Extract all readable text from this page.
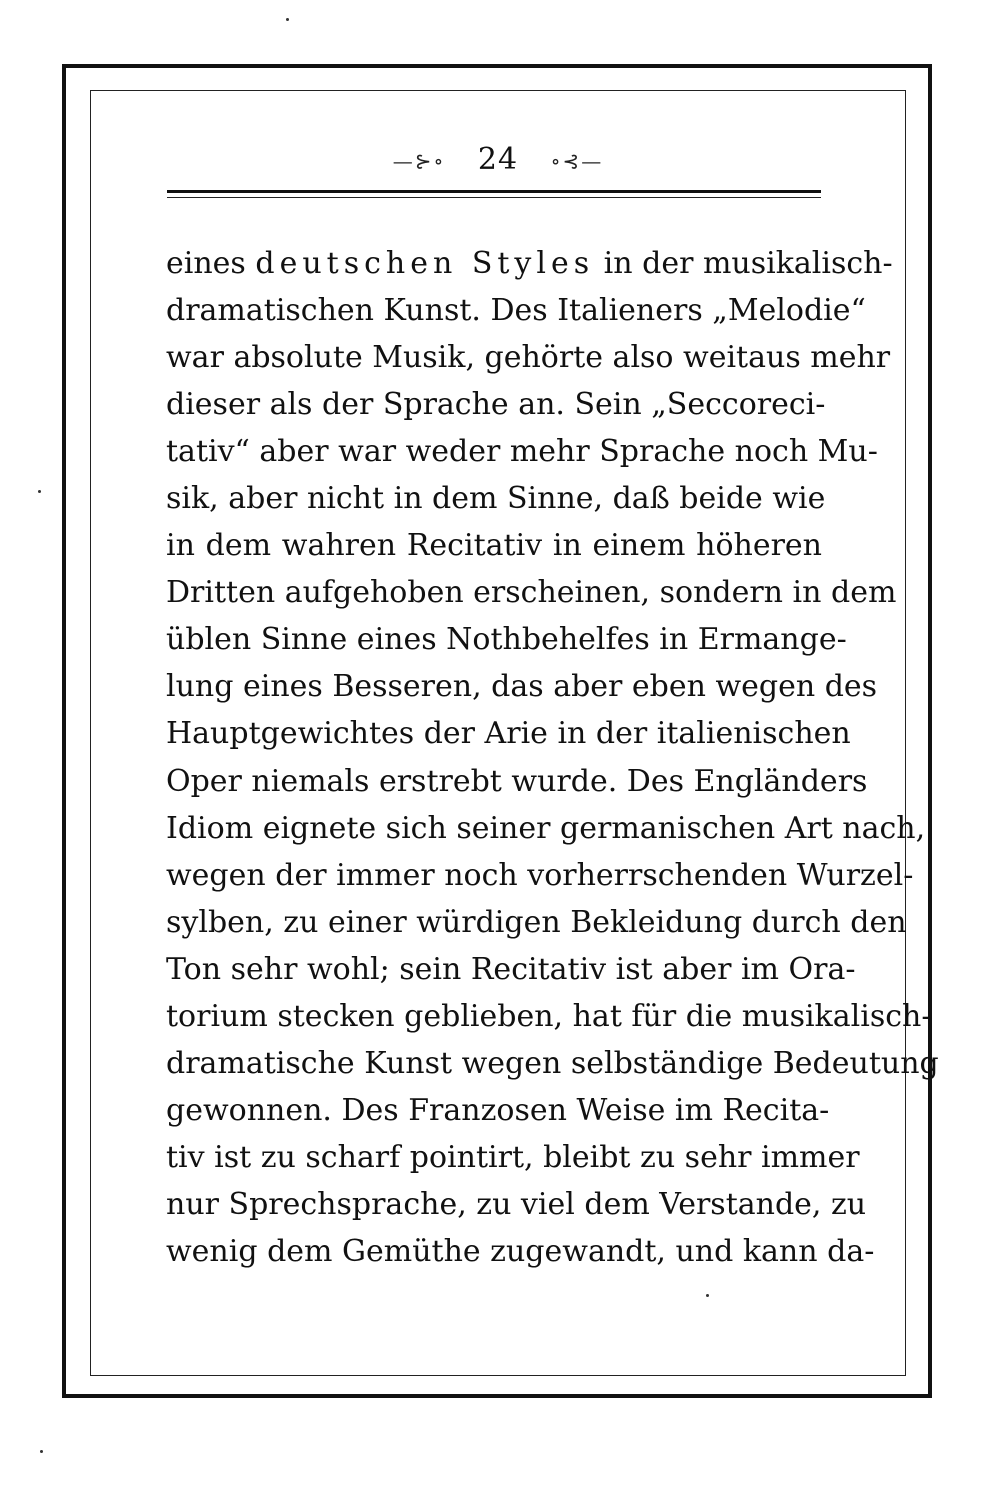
—⊱∘ 24 ∘⊰—
eines deutschen Styles in der musikalisch-
dramatischen Kunst. Des Italieners „Melodie“
war absolute Musik, gehörte also weitaus mehr
dieser als der Sprache an. Sein „Seccoreci-
tativ“ aber war weder mehr Sprache noch Mu-
sik, aber nicht in dem Sinne, daß beide wie
in dem wahren Recitativ in einem höheren
Dritten aufgehoben erscheinen, sondern in dem
üblen Sinne eines Nothbehelfes in Ermange-
lung eines Besseren, das aber eben wegen des
Hauptgewichtes der Arie in der italienischen
Oper niemals erstrebt wurde. Des Engländers
Idiom eignete sich seiner germanischen Art nach,
wegen der immer noch vorherrschenden Wurzel-
sylben, zu einer würdigen Bekleidung durch den
Ton sehr wohl; sein Recitativ ist aber im Ora-
torium stecken geblieben, hat für die musikalisch-
dramatische Kunst wegen selbständige Bedeutung
gewonnen. Des Franzosen Weise im Recita-
tiv ist zu scharf pointirt, bleibt zu sehr immer
nur Sprechsprache, zu viel dem Verstande, zu
wenig dem Gemüthe zugewandt, und kann da-
